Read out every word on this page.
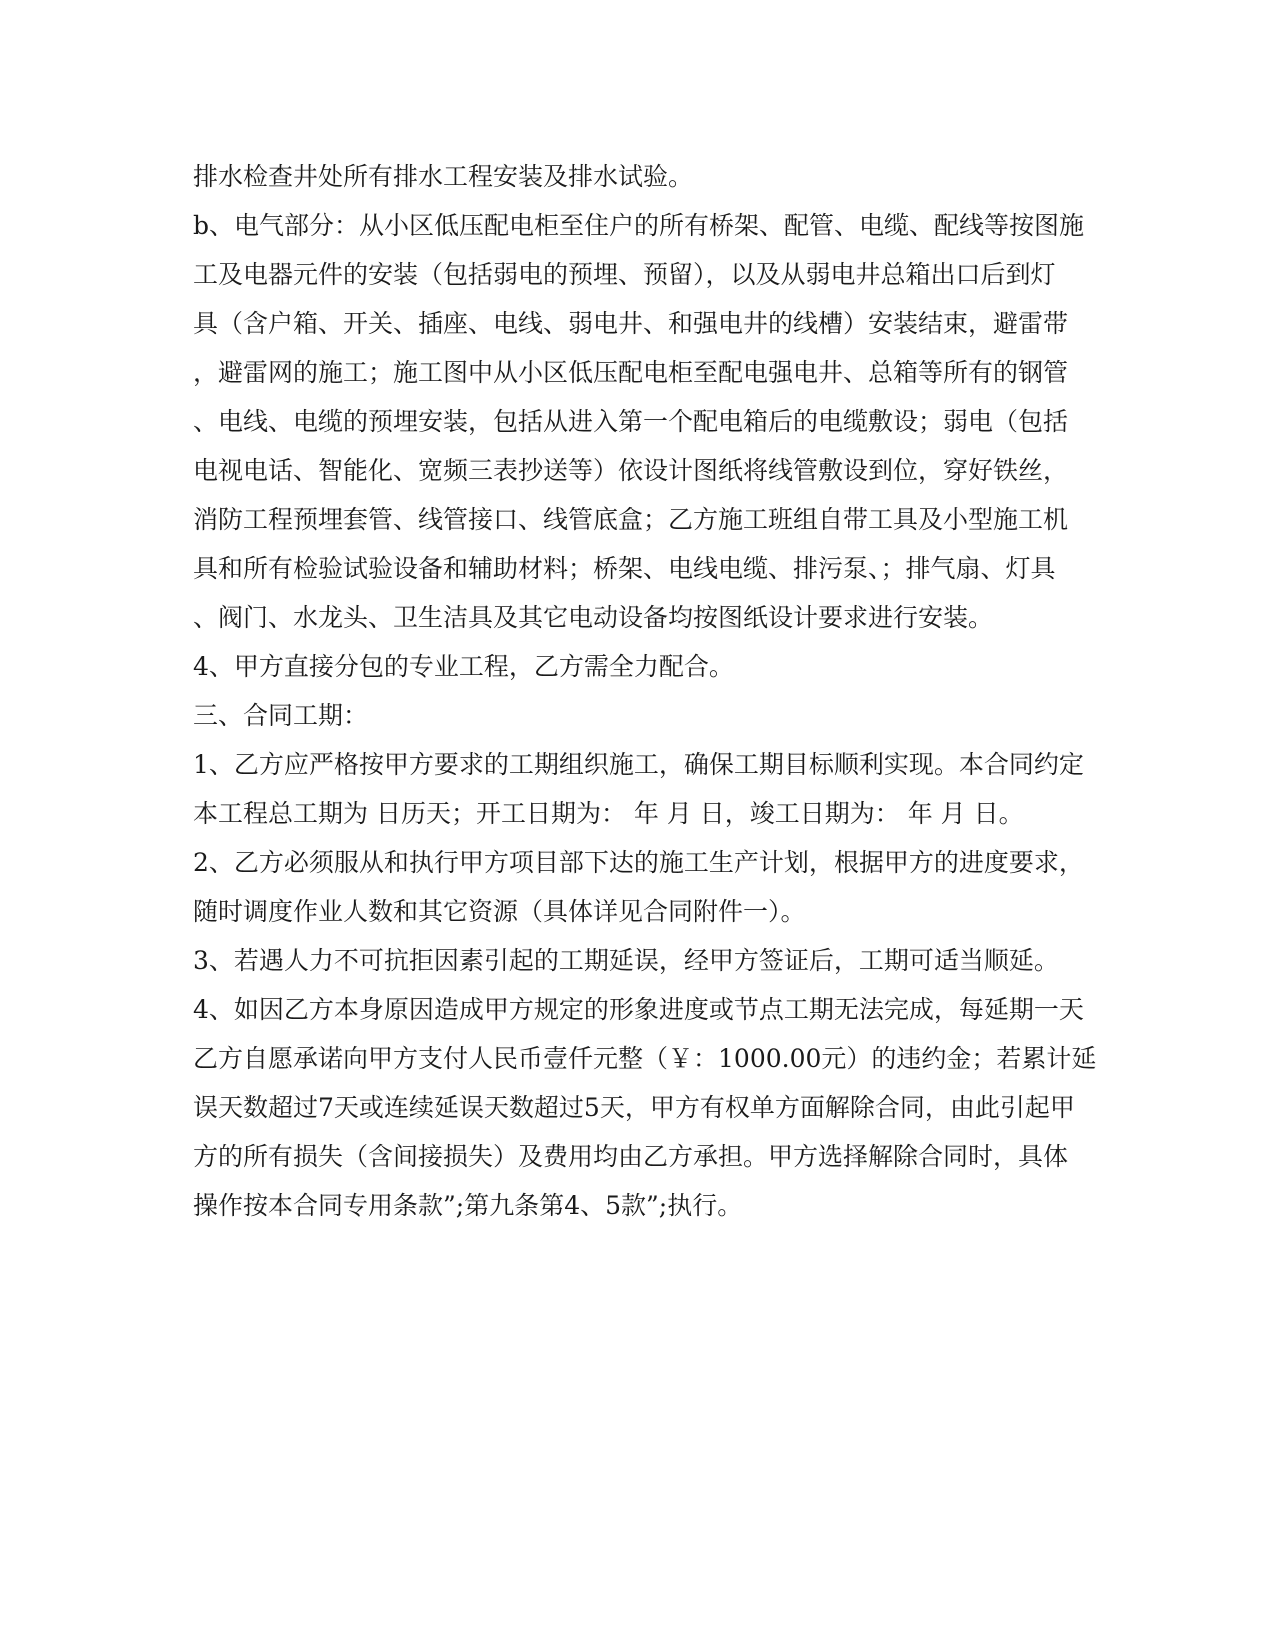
排水检查井处所有排水工程安装及排水试验。
b、电气部分：从小区低压配电柜至住户的所有桥架、配管、电缆、配线等按图施
工及电器元件的安装（包括弱电的预埋、预留），以及从弱电井总箱出口后到灯
具（含户箱、开关、插座、电线、弱电井、和强电井的线槽）安装结束，避雷带
，避雷网的施工；施工图中从小区低压配电柜至配电强电井、总箱等所有的钢管
、电线、电缆的预埋安装，包括从进入第一个配电箱后的电缆敷设；弱电（包括
电视电话、智能化、宽频三表抄送等）依设计图纸将线管敷设到位，穿好铁丝，
消防工程预埋套管、线管接口、线管底盒；乙方施工班组自带工具及小型施工机
具和所有检验试验设备和辅助材料；桥架、电线电缆、排污泵、；排气扇、灯具
、阀门、水龙头、卫生洁具及其它电动设备均按图纸设计要求进行安装。
4、甲方直接分包的专业工程，乙方需全力配合。
三、合同工期：
1、乙方应严格按甲方要求的工期组织施工，确保工期目标顺利实现。本合同约定
本工程总工期为 日历天；开工日期为： 年 月 日，竣工日期为： 年 月 日。
2、乙方必须服从和执行甲方项目部下达的施工生产计划，根据甲方的进度要求，
随时调度作业人数和其它资源（具体详见合同附件一）。
3、若遇人力不可抗拒因素引起的工期延误，经甲方签证后，工期可适当顺延。
4、如因乙方本身原因造成甲方规定的形象进度或节点工期无法完成，每延期一天
乙方自愿承诺向甲方支付人民币壹仟元整（￥：1000.00元）的违约金；若累计延
误天数超过7天或连续延误天数超过5天，甲方有权单方面解除合同，由此引起甲
方的所有损失（含间接损失）及费用均由乙方承担。甲方选择解除合同时，具体
操作按本合同专用条款”;第九条第4、5款”;执行。
